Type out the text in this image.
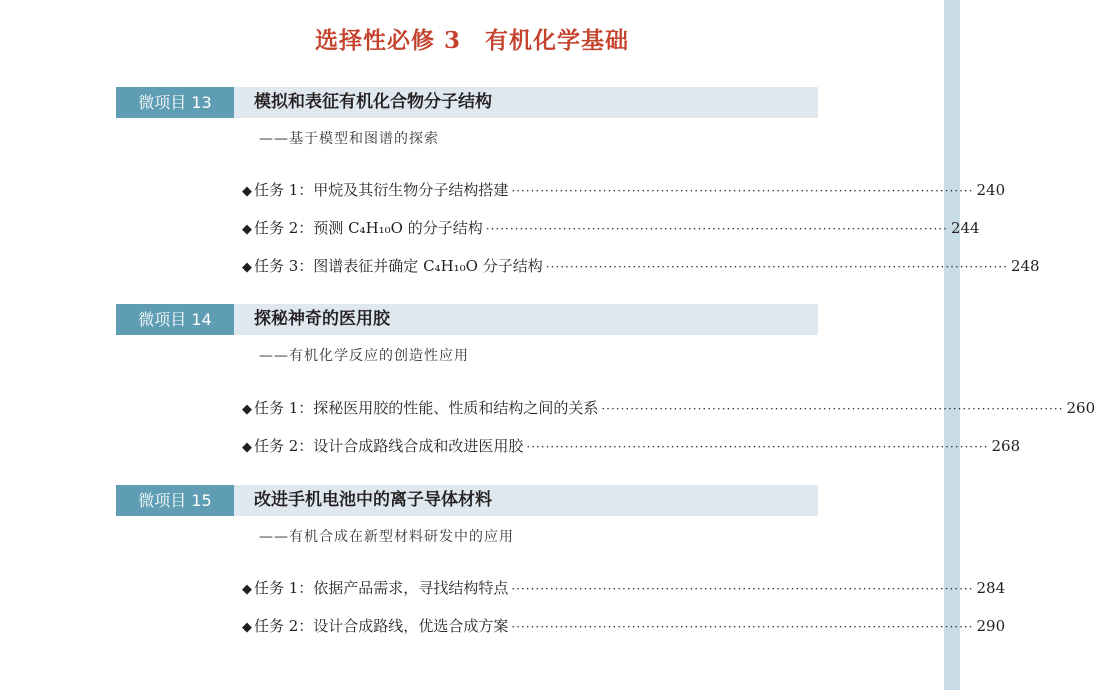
选择性必修 3　有机化学基础
微项目 13	模拟和表征有机化合物分子结构
——基于模型和图谱的探索
◆ 任务 1：甲烷及其衍生物分子结构搭建 ································································································ 240
◆ 任务 2：预测 C₄H₁₀O 的分子结构 ································································································ 244
◆ 任务 3：图谱表征并确定 C₄H₁₀O 分子结构 ································································································ 248
微项目 14	探秘神奇的医用胶
——有机化学反应的创造性应用
◆ 任务 1：探秘医用胶的性能、性质和结构之间的关系 ································································································ 260
◆ 任务 2：设计合成路线合成和改进医用胶 ································································································ 268
微项目 15	改进手机电池中的离子导体材料
——有机合成在新型材料研发中的应用
◆ 任务 1：依据产品需求，寻找结构特点 ································································································ 284
◆ 任务 2：设计合成路线，优选合成方案 ································································································ 290
